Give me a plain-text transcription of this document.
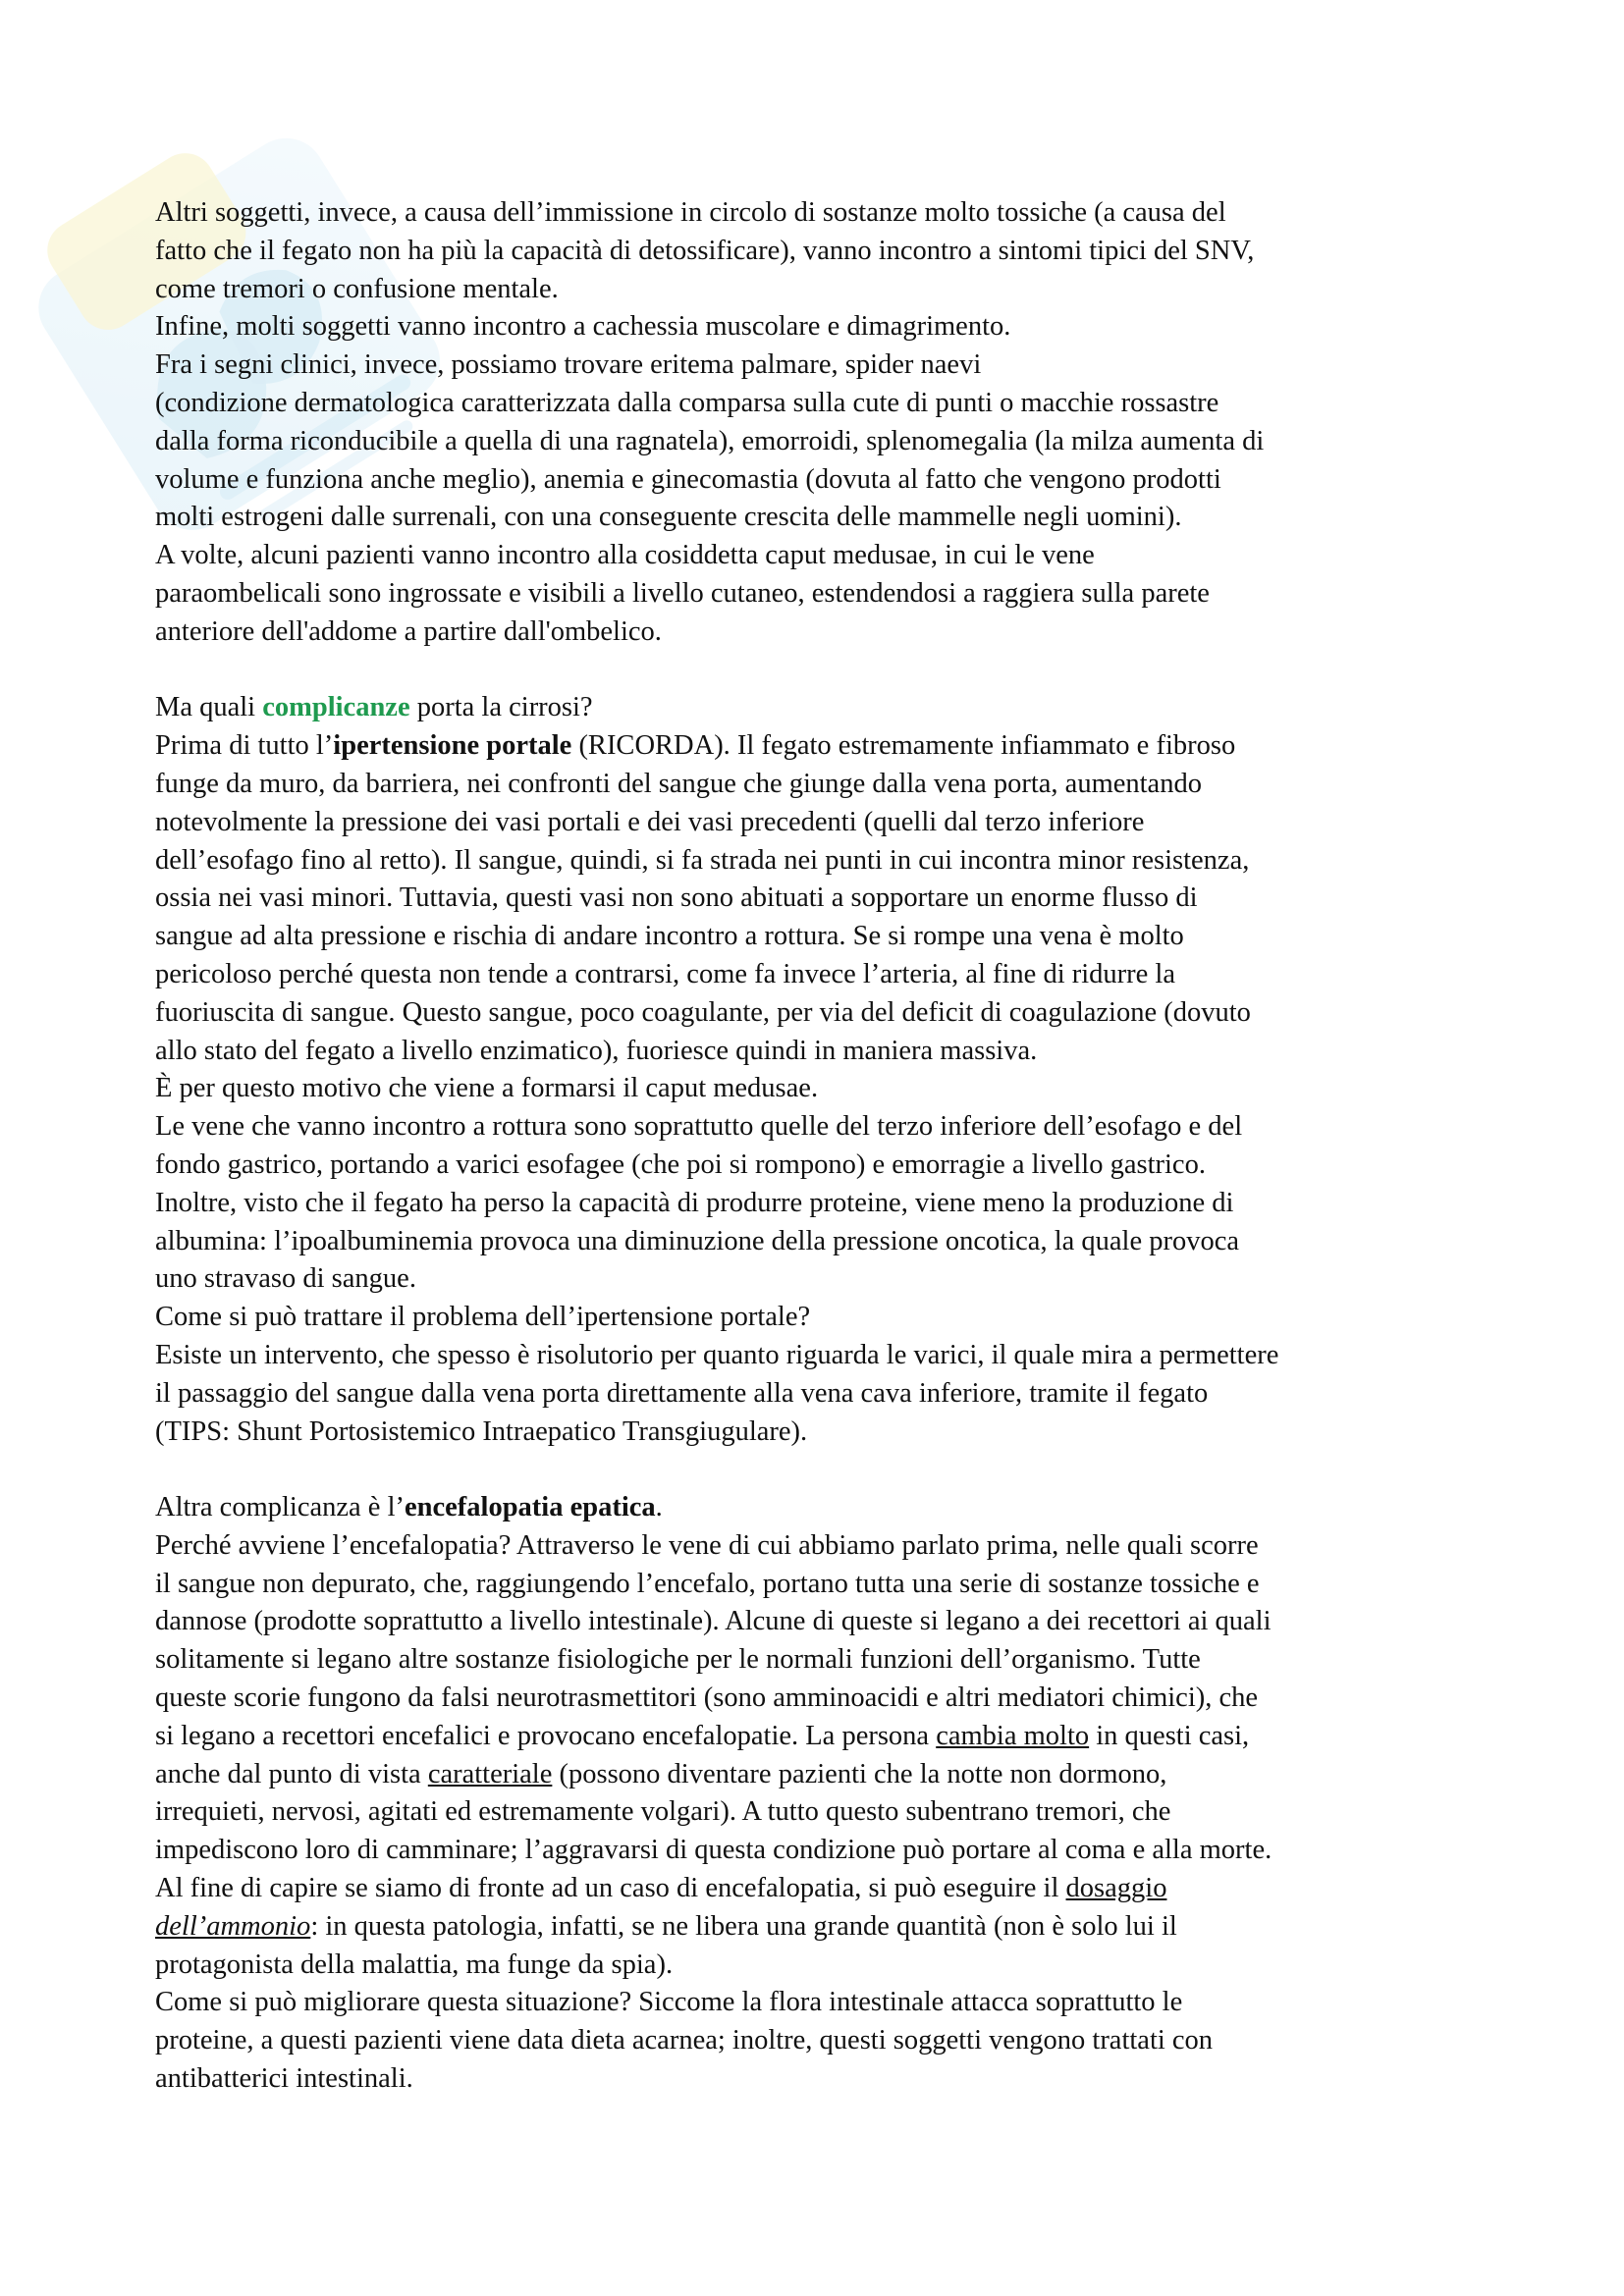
Altri soggetti, invece, a causa dell’immissione in circolo di sostanze molto tossiche (a causa del
fatto che il fegato non ha più la capacità di detossificare), vanno incontro a sintomi tipici del SNV,
come tremori o confusione mentale.
Infine, molti soggetti vanno incontro a cachessia muscolare e dimagrimento.
Fra i segni clinici, invece, possiamo trovare eritema palmare, spider naevi
(condizione dermatologica caratterizzata dalla comparsa sulla cute di punti o macchie rossastre
dalla forma riconducibile a quella di una ragnatela), emorroidi, splenomegalia (la milza aumenta di
volume e funziona anche meglio), anemia e ginecomastia (dovuta al fatto che vengono prodotti
molti estrogeni dalle surrenali, con una conseguente crescita delle mammelle negli uomini).
A volte, alcuni pazienti vanno incontro alla cosiddetta caput medusae, in cui le vene
paraombelicali sono ingrossate e visibili a livello cutaneo, estendendosi a raggiera sulla parete
anteriore dell'addome a partire dall'ombelico.
Ma quali complicanze porta la cirrosi?
Prima di tutto l’ipertensione portale (RICORDA). Il fegato estremamente infiammato e fibroso
funge da muro, da barriera, nei confronti del sangue che giunge dalla vena porta, aumentando
notevolmente la pressione dei vasi portali e dei vasi precedenti (quelli dal terzo inferiore
dell’esofago fino al retto). Il sangue, quindi, si fa strada nei punti in cui incontra minor resistenza,
ossia nei vasi minori. Tuttavia, questi vasi non sono abituati a sopportare un enorme flusso di
sangue ad alta pressione e rischia di andare incontro a rottura. Se si rompe una vena è molto
pericoloso perché questa non tende a contrarsi, come fa invece l’arteria, al fine di ridurre la
fuoriuscita di sangue. Questo sangue, poco coagulante, per via del deficit di coagulazione (dovuto
allo stato del fegato a livello enzimatico), fuoriesce quindi in maniera massiva.
È per questo motivo che viene a formarsi il caput medusae.
Le vene che vanno incontro a rottura sono soprattutto quelle del terzo inferiore dell’esofago e del
fondo gastrico, portando a varici esofagee (che poi si rompono) e emorragie a livello gastrico.
Inoltre, visto che il fegato ha perso la capacità di produrre proteine, viene meno la produzione di
albumina: l’ipoalbuminemia provoca una diminuzione della pressione oncotica, la quale provoca
uno stravaso di sangue.
Come si può trattare il problema dell’ipertensione portale?
Esiste un intervento, che spesso è risolutorio per quanto riguarda le varici, il quale mira a permettere
il passaggio del sangue dalla vena porta direttamente alla vena cava inferiore, tramite il fegato
(TIPS: Shunt Portosistemico Intraepatico Transgiugulare).
Altra complicanza è l’encefalopatia epatica.
Perché avviene l’encefalopatia? Attraverso le vene di cui abbiamo parlato prima, nelle quali scorre
il sangue non depurato, che, raggiungendo l’encefalo, portano tutta una serie di sostanze tossiche e
dannose (prodotte soprattutto a livello intestinale). Alcune di queste si legano a dei recettori ai quali
solitamente si legano altre sostanze fisiologiche per le normali funzioni dell’organismo. Tutte
queste scorie fungono da falsi neurotrasmettitori (sono amminoacidi e altri mediatori chimici), che
si legano a recettori encefalici e provocano encefalopatie. La persona cambia molto in questi casi,
anche dal punto di vista caratteriale (possono diventare pazienti che la notte non dormono,
irrequieti, nervosi, agitati ed estremamente volgari). A tutto questo subentrano tremori, che
impediscono loro di camminare; l’aggravarsi di questa condizione può portare al coma e alla morte.
Al fine di capire se siamo di fronte ad un caso di encefalopatia, si può eseguire il dosaggio
dell’ammonio: in questa patologia, infatti, se ne libera una grande quantità (non è solo lui il
protagonista della malattia, ma funge da spia).
Come si può migliorare questa situazione? Siccome la flora intestinale attacca soprattutto le
proteine, a questi pazienti viene data dieta acarnea; inoltre, questi soggetti vengono trattati con
antibatterici intestinali.
